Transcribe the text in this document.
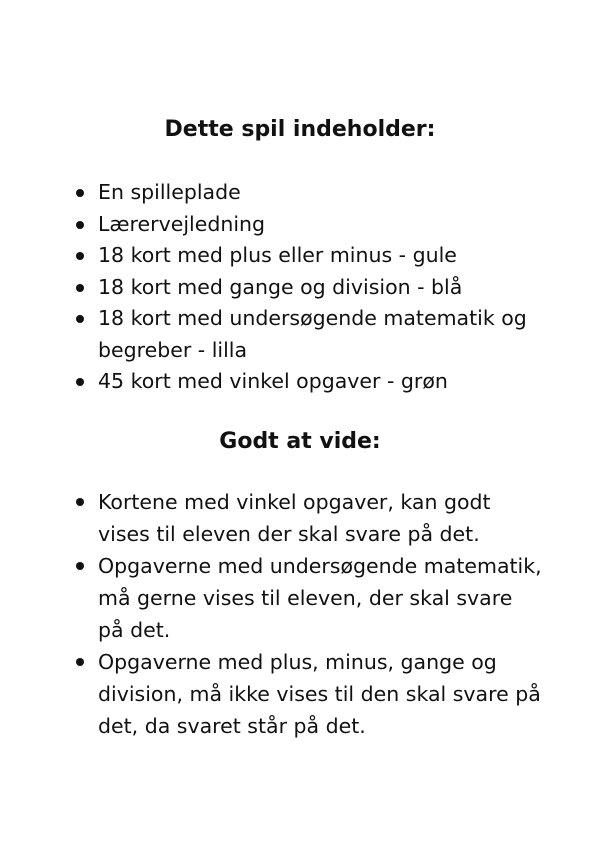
Dette spil indeholder:
En spilleplade
Lærervejledning
18 kort med plus eller minus - gule
18 kort med gange og division - blå
18 kort med undersøgende matematik og begreber - lilla
45 kort med vinkel opgaver - grøn
Godt at vide:
Kortene med vinkel opgaver, kan godt vises til eleven der skal svare på det.
Opgaverne med undersøgende matematik, må gerne vises til eleven, der skal svare på det.
Opgaverne med plus, minus, gange og division, må ikke vises til den skal svare på det, da svaret står på det.
